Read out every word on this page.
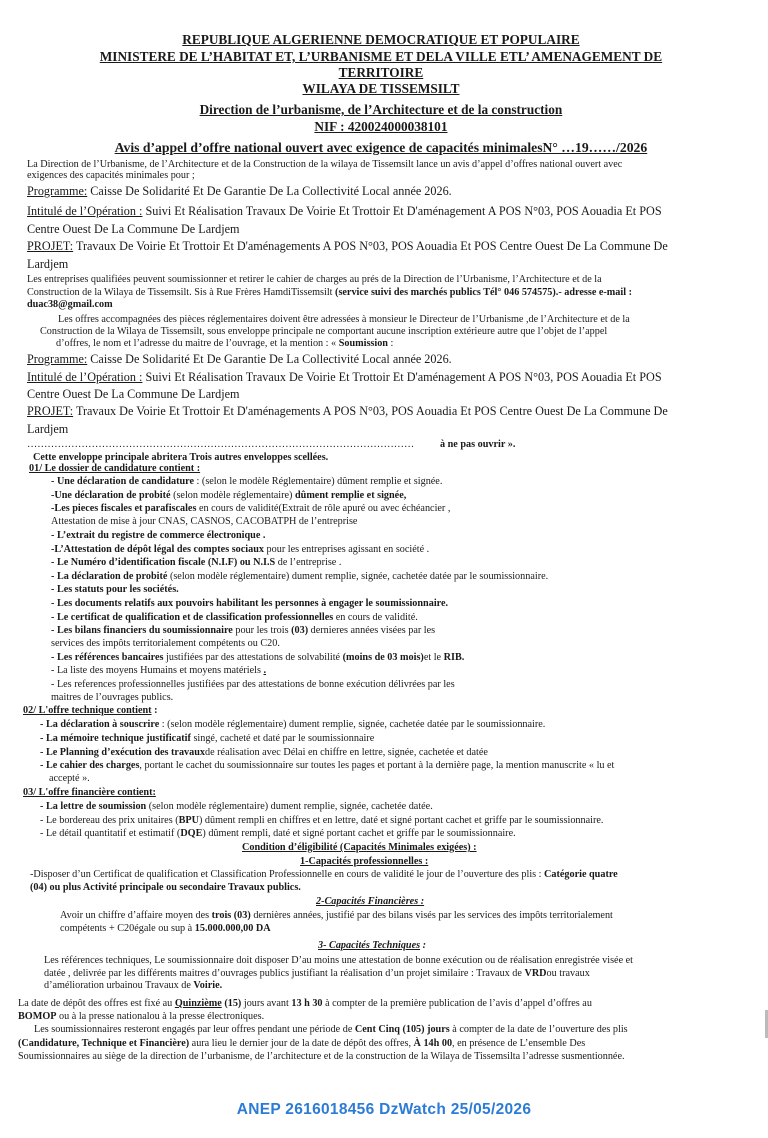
REPUBLIQUE ALGERIENNE DEMOCRATIQUE ET POPULAIRE
MINISTERE DE L’HABITAT ET, L’URBANISME ET DELA VILLE ETL’ AMENAGEMENT DE
TERRITOIRE
WILAYA DE TISSEMSILT
Direction de l’urbanisme, de l’Architecture et de la construction
NIF : 420024000038101
Avis d’appel d’offre national ouvert avec exigence de capacités minimalesN° …19……/2026
La Direction de l’Urbanisme, de l’Architecture et de la Construction de la wilaya de Tissemsilt lance un avis d’appel d’offres national ouvert avec
exigences des capacités minimales pour ;
Programme: Caisse De Solidarité Et De Garantie De La Collectivité Local année 2026.
Intitulé de l’Opération : Suivi Et Réalisation Travaux De Voirie Et Trottoir Et D'aménagement A POS N°03, POS Aouadia Et POS
Centre Ouest De La Commune De Lardjem
PROJET: Travaux De Voirie Et Trottoir Et D'aménagements A POS N°03, POS Aouadia Et POS Centre Ouest De La Commune De
Lardjem
Les entreprises qualifiées peuvent soumissionner et retirer le cahier de charges au prés de la Direction de l’Urbanisme, l’Architecture et de la
Construction de la Wilaya de Tissemsilt. Sis à Rue Frères HamdiTissemsilt (service suivi des marchés publics Tél° 046 574575).- adresse e-mail :
duac38@gmail.com
Les offres accompagnées des pièces réglementaires doivent être adressées à monsieur le Directeur de l’Urbanisme ,de l’Architecture et de la
Construction de la Wilaya de Tissemsilt, sous enveloppe principale ne comportant aucune inscription extérieure autre que l’objet de l’appel
d’offres, le nom et l’adresse du maitre de l’ouvrage, et la mention : « Soumission :
Programme: Caisse De Solidarité Et De Garantie De La Collectivité Local année 2026.
Intitulé de l’Opération : Suivi Et Réalisation Travaux De Voirie Et Trottoir Et D'aménagement A POS N°03, POS Aouadia Et POS
Centre Ouest De La Commune De Lardjem
PROJET: Travaux De Voirie Et Trottoir Et D'aménagements A POS N°03, POS Aouadia Et POS Centre Ouest De La Commune De
Lardjem
……………………………………………………………………………………………………	à ne pas ouvrir ».
Cette enveloppe principale abritera Trois autres enveloppes scellées.
01/ Le dossier de candidature contient :
- Une déclaration de candidature : (selon le modèle Réglementaire) dûment remplie et signée.
-Une déclaration de probité (selon modèle réglementaire) dûment remplie et signée,
-Les pieces fiscales et parafiscales en cours de validité(Extrait de rôle apuré ou avec échéancier ,
Attestation de mise à jour CNAS, CASNOS, CACOBATPH de l’entreprise
- L’extrait du registre de commerce électronique .
-L’Attestation de dépôt légal des comptes sociaux pour les entreprises agissant en société .
- Le Numéro d’identification fiscale (N.I.F) ou N.I.S de l’entreprise .
- La déclaration de probité (selon modèle réglementaire) dument remplie, signée, cachetée datée par le soumissionnaire.
- Les statuts pour les sociétés.
- Les documents relatifs aux pouvoirs habilitant les personnes à engager le soumissionnaire.
- Le certificat de qualification et de classification professionnelles en cours de validité.
- Les bilans financiers du soumissionnaire pour les trois (03) dernieres années visées par les
services des impôts territorialement compétents ou C20.
- Les références bancaires justifiées par des attestations de solvabilité (moins de 03 mois)et le RIB.
- La liste des moyens Humains et moyens matériels .
- Les references professionnelles justifiées par des attestations de bonne exécution délivrées par les
maitres de l’ouvrages publics.
02/ L'offre technique contient :
- La déclaration à souscrire : (selon modèle réglementaire) dument remplie, signée, cachetée datée par le soumissionnaire.
- La mémoire technique justificatif singé, cacheté et daté par le soumissionnaire
- Le Planning d’exécution des travauxde réalisation avec Délai en chiffre en lettre, signée, cachetée et datée
- Le cahier des charges, portant le cachet du soumissionnaire sur toutes les pages et portant à la dernière page, la mention manuscrite « lu et
accepté ».
03/ L'offre financière contient:
- La lettre de soumission (selon modèle réglementaire) dument remplie, signée, cachetée datée.
- Le bordereau des prix unitaires (BPU) dûment rempli en chiffres et en lettre, daté et signé portant cachet et griffe par le soumissionnaire.
- Le détail quantitatif et estimatif (DQE) dûment rempli, daté et signé portant cachet et griffe par le soumissionnaire.
Condition d’éligibilité (Capacités Minimales exigées) :
1-Capacités professionnelles :
-Disposer d’un Certificat de qualification et Classification Professionnelle en cours de validité le jour de l’ouverture des plis : Catégorie quatre
(04) ou plus Activité principale ou secondaire Travaux publics.
2-Capacités Financières :
Avoir un chiffre d’affaire moyen des trois (03) dernières années, justifié par des bilans visés par les services des impôts territorialement
compétents + C20égale ou sup à 15.000.000,00 DA
3- Capacités Techniques :
Les références techniques, Le soumissionnaire doit disposer D’au moins une attestation de bonne exécution ou de réalisation enregistrée visée et
datée , delivrée par les différents maitres d’ouvrages publics justifiant la réalisation d’un projet similaire : Travaux de VRDou travaux
d’amélioration urbainou Travaux de Voirie.
La date de dépôt des offres est fixé au Quinzième (15) jours avant 13 h 30 à compter de la première publication de l’avis d’appel d’offres au
BOMOP ou à la presse nationalou à la presse électroniques.
Les soumissionnaires resteront engagés par leur offres pendant une période de Cent Cinq (105) jours à compter de la date de l’ouverture des plis
(Candidature, Technique et Financière) aura lieu le dernier jour de la date de dépôt des offres, À 14h 00, en présence de L’ensemble Des
Soumissionnaires au siège de la direction de l’urbanisme, de l’architecture et de la construction de la Wilaya de Tissemsilta l’adresse susmentionnée.
ANEP 2616018456 DzWatch 25/05/2026
